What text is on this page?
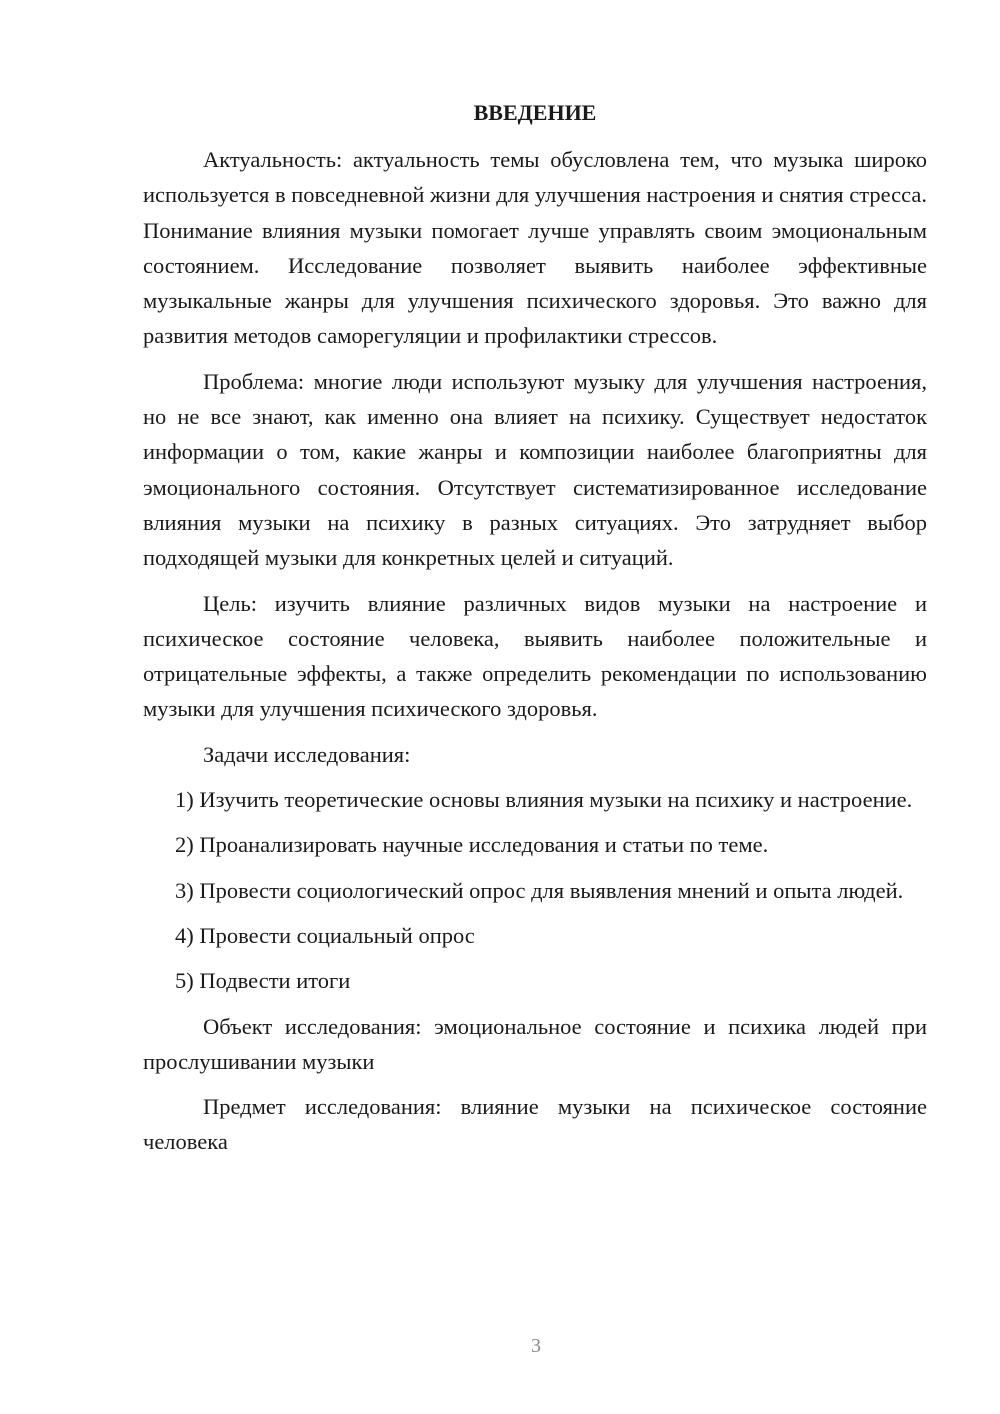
ВВЕДЕНИЕ

Актуальность: актуальность темы обусловлена тем, что музыка широко используется в повседневной жизни для улучшения настроения и снятия стресса. Понимание влияния музыки помогает лучше управлять своим эмоциональным состоянием. Исследование позволяет выявить наиболее эффективные музыкальные жанры для улучшения психического здоровья. Это важно для развития методов саморегуляции и профилактики стрессов.

Проблема: многие люди используют музыку для улучшения настроения, но не все знают, как именно она влияет на психику. Существует недостаток информации о том, какие жанры и композиции наиболее благоприятны для эмоционального состояния. Отсутствует систематизированное исследование влияния музыки на психику в разных ситуациях. Это затрудняет выбор подходящей музыки для конкретных целей и ситуаций.

Цель: изучить влияние различных видов музыки на настроение и психическое состояние человека, выявить наиболее положительные и отрицательные эффекты, а также определить рекомендации по использованию музыки для улучшения психического здоровья.

Задачи исследования:

1) Изучить теоретические основы влияния музыки на психику и настроение.

2) Проанализировать научные исследования и статьи по теме.

3) Провести социологический опрос для выявления мнений и опыта людей.

4) Провести социальный опрос

5) Подвести итоги

Объект исследования: эмоциональное состояние и психика людей при прослушивании музыки

Предмет исследования: влияние музыки на психическое состояние человека

3
